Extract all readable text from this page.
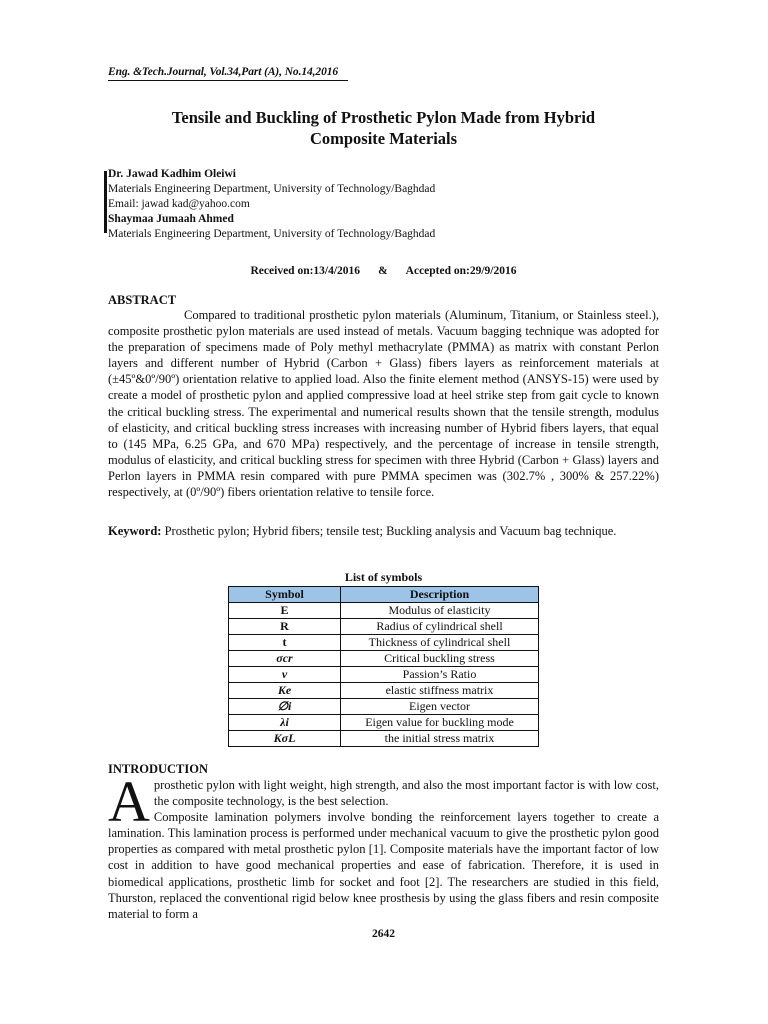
Eng. &Tech.Journal, Vol.34,Part (A), No.14,2016
Tensile and Buckling of Prosthetic Pylon Made from Hybrid
Composite Materials
Dr. Jawad Kadhim Oleiwi
Materials Engineering Department, University of Technology/Baghdad
Email: jawad kad@yahoo.com
Shaymaa Jumaah Ahmed
Materials Engineering Department, University of Technology/Baghdad
Received on:13/4/2016 & Accepted on:29/9/2016
ABSTRACT
Compared to traditional prosthetic pylon materials (Aluminum, Titanium, or Stainless steel.), composite prosthetic pylon materials are used instead of metals. Vacuum bagging technique was adopted for the preparation of specimens made of Poly methyl methacrylate (PMMA) as matrix with constant Perlon layers and different number of Hybrid (Carbon + Glass) fibers layers as reinforcement materials at (±45º&0º/90º) orientation relative to applied load. Also the finite element method (ANSYS-15) were used by create a model of prosthetic pylon and applied compressive load at heel strike step from gait cycle to known the critical buckling stress. The experimental and numerical results shown that the tensile strength, modulus of elasticity, and critical buckling stress increases with increasing number of Hybrid fibers layers, that equal to (145 MPa, 6.25 GPa, and 670 MPa) respectively, and the percentage of increase in tensile strength, modulus of elasticity, and critical buckling stress for specimen with three Hybrid (Carbon + Glass) layers and Perlon layers in PMMA resin compared with pure PMMA specimen was (302.7% , 300% & 257.22%) respectively, at (0º/90º) fibers orientation relative to tensile force.
Keyword: Prosthetic pylon; Hybrid fibers; tensile test; Buckling analysis and Vacuum bag technique.
List of symbols
Symbol	Description
E	Modulus of elasticity
R	Radius of cylindrical shell
t	Thickness of cylindrical shell
σcr	Critical buckling stress
ν	Passion’s Ratio
Ke	elastic stiffness matrix
∅i	Eigen vector
λi	Eigen value for buckling mode
KσL	the initial stress matrix
INTRODUCTION
A prosthetic pylon with light weight, high strength, and also the most important factor is with low cost, the composite technology, is the best selection.

Composite lamination polymers involve bonding the reinforcement layers together to create a lamination. This lamination process is performed under mechanical vacuum to give the prosthetic pylon good properties as compared with metal prosthetic pylon [1]. Composite materials have the important factor of low cost in addition to have good mechanical properties and ease of fabrication. Therefore, it is used in biomedical applications, prosthetic limb for socket and foot [2]. The researchers are studied in this field, Thurston, replaced the conventional rigid below knee prosthesis by using the glass fibers and resin composite material to form a

2642
